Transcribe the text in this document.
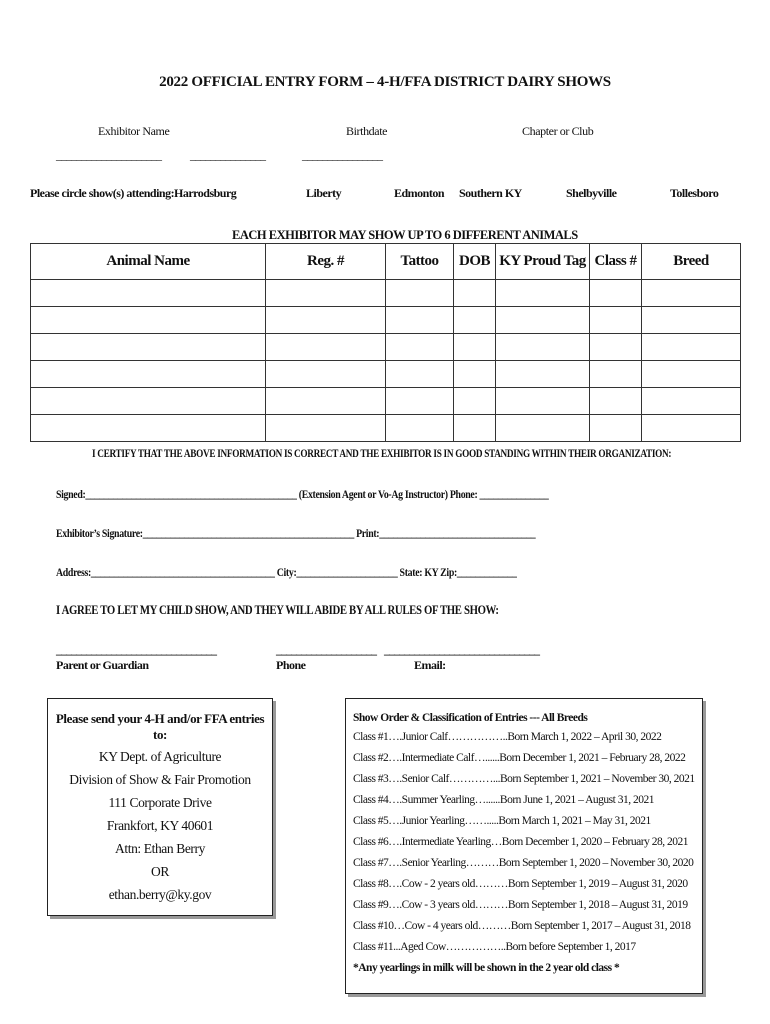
2022 OFFICIAL ENTRY FORM – 4-H/FFA DISTRICT DAIRY SHOWS
Exhibitor Name	Birthdate	Chapter or Club
_____________________ _______________	________________
Please circle show(s) attending: Harrodsburg	Liberty	Edmonton Southern KY	Shelbyville	Tollesboro
EACH EXHIBITOR MAY SHOW UP TO 6 DIFFERENT ANIMALS
Animal Name	Reg. #	Tattoo	DOB	KY Proud Tag	Class #	Breed

I CERTIFY THAT THE ABOVE INFORMATION IS CORRECT AND THE EXHIBITOR IS IN GOOD STANDING WITHIN THEIR ORGANIZATION:
Signed:______________________________________________ (Extension Agent or Vo-Ag Instructor) Phone: _______________
Exhibitor’s Signature:______________________________________________ Print:__________________________________
Address:________________________________________ City:______________________ State: KY Zip:_____________
I AGREE TO LET MY CHILD SHOW, AND THEY WILL ABIDE BY ALL RULES OF THE SHOW:
________________________________	____________________ _______________________________
Parent or Guardian	Phone	Email:
Please send your 4-H and/or FFA entries to:
KY Dept. of Agriculture
Division of Show & Fair Promotion
111 Corporate Drive
Frankfort, KY 40601
Attn: Ethan Berry
OR
ethan.berry@ky.gov
Show Order & Classification of Entries --- All Breeds
Class #1….Junior Calf……………..Born March 1, 2022 – April 30, 2022
Class #2….Intermediate Calf…......Born December 1, 2021 – February 28, 2022
Class #3….Senior Calf…………...Born September 1, 2021 – November 30, 2021
Class #4….Summer Yearling…......Born June 1, 2021 – August 31, 2021
Class #5….Junior Yearling…….....Born March 1, 2021 – May 31, 2021
Class #6….Intermediate Yearling…Born December 1, 2020 – February 28, 2021
Class #7….Senior Yearling………Born September 1, 2020 – November 30, 2020
Class #8….Cow - 2 years old………Born September 1, 2019 – August 31, 2020
Class #9….Cow - 3 years old………Born September 1, 2018 – August 31, 2019
Class #10…Cow - 4 years old………Born September 1, 2017 – August 31, 2018
Class #11...Aged Cow……………..Born before September 1, 2017
*Any yearlings in milk will be shown in the 2 year old class *
